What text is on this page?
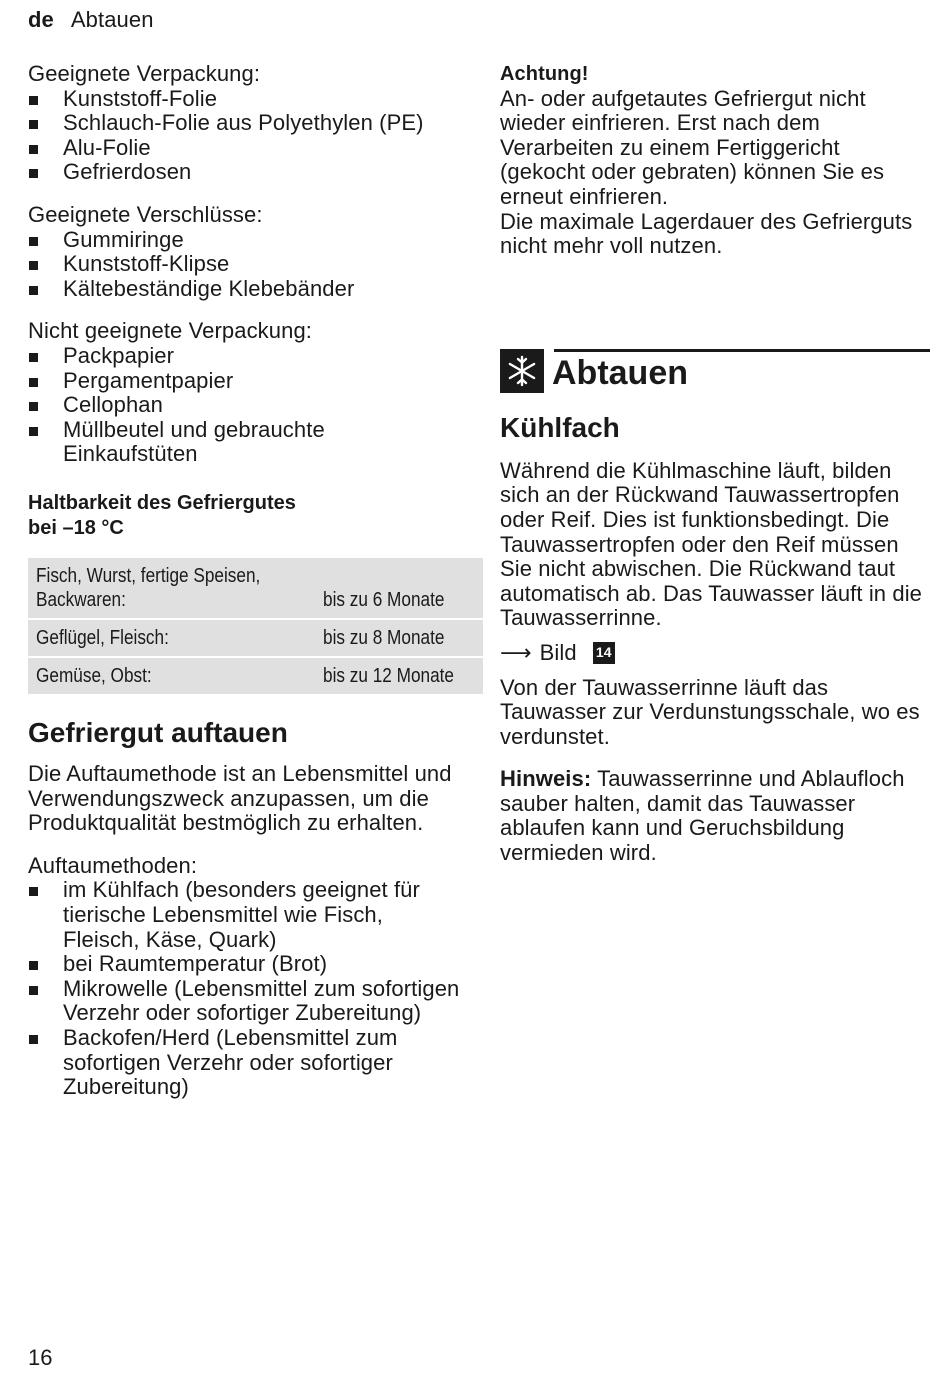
de Abtauen

Geeignete Verpackung:

Kunststoff-Folie
Schlauch-Folie aus Polyethylen (PE)
Alu-Folie
Gefrierdosen

Geeignete Verschlüsse:

Gummiringe
Kunststoff-Klipse
Kältebeständige Klebebänder

Nicht geeignete Verpackung:

Packpapier
Pergamentpapier
Cellophan
Müllbeutel und gebrauchte Einkaufstüten
Haltbarkeit des Gefriergutes
bei –18 °C
Fisch, Wurst, fertige Speisen,
Backwaren:	bis zu 6 Monate
Geflügel, Fleisch:	bis zu 8 Monate
Gemüse, Obst:	bis zu 12 Monate
Gefriergut auftauen

Die Auftaumethode ist an Lebensmittel und Verwendungszweck anzupassen, um die Produktqualität bestmöglich zu erhalten.

Auftaumethoden:

im Kühlfach (besonders geeignet für tierische Lebensmittel wie Fisch, Fleisch, Käse, Quark)
bei Raumtemperatur (Brot)
Mikrowelle (Lebensmittel zum sofortigen Verzehr oder sofortiger Zubereitung)
Backofen/Herd (Lebensmittel zum sofortigen Verzehr oder sofortiger Zubereitung)
Achtung!

An- oder aufgetautes Gefriergut nicht wieder einfrieren. Erst nach dem Verarbeiten zu einem Fertiggericht (gekocht oder gebraten) können Sie es erneut einfrieren.

Die maximale Lagerdauer des Gefrierguts nicht mehr voll nutzen.

Abtauen
Kühlfach

Während die Kühlmaschine läuft, bilden sich an der Rückwand Tauwassertropfen oder Reif. Dies ist funktionsbedingt. Die Tauwassertropfen oder den Reif müssen Sie nicht abwischen. Die Rückwand taut automatisch ab. Das Tauwasser läuft in die Tauwasserrinne.

⟶ Bild 14

Von der Tauwasserrinne läuft das Tauwasser zur Verdunstungsschale, wo es verdunstet.

Hinweis: Tauwasserrinne und Ablaufloch sauber halten, damit das Tauwasser ablaufen kann und Geruchsbildung vermieden wird.

16
